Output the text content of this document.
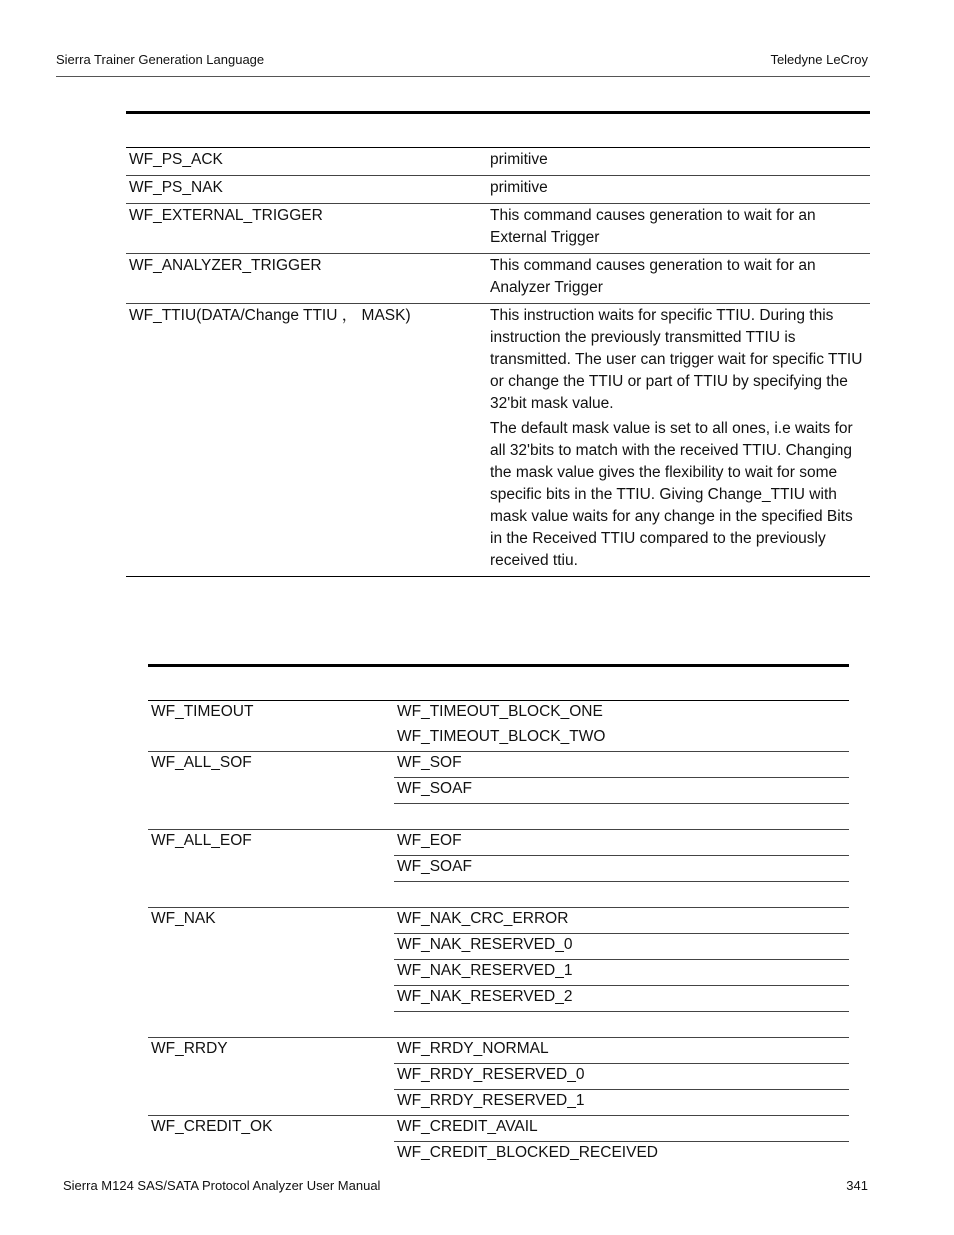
Sierra Trainer Generation Language	Teledyne LeCroy

WF_PS_ACK	primitive

WF_PS_NAK	primitive

WF_EXTERNAL_TRIGGER	This command causes generation to wait for an External Trigger

WF_ANALYZER_TRIGGER	This command causes generation to wait for an Analyzer Trigger

WF_TTIU(DATA/Change TTIU ， MASK)	This instruction waits for specific TTIU. During this instruction the previously transmitted TTIU is transmitted. The user can trigger wait for specific TTIU or change the TTIU or part of TTIU by specifying the 32'bit mask value.

The default mask value is set to all ones, i.e waits for all 32'bits to match with the received TTIU. Changing the mask value gives the flexibility to wait for some specific bits in the TTIU. Giving Change_TTIU with mask value waits for any change in the specified Bits in the Received TTIU compared to the previously received ttiu.

WF_TIMEOUT	WF_TIMEOUT_BLOCK_ONE
	WF_TIMEOUT_BLOCK_TWO
WF_ALL_SOF	WF_SOF
	WF_SOAF

WF_ALL_EOF	WF_EOF
	WF_SOAF

WF_NAK	WF_NAK_CRC_ERROR
	WF_NAK_RESERVED_0
	WF_NAK_RESERVED_1
	WF_NAK_RESERVED_2

WF_RRDY	WF_RRDY_NORMAL
	WF_RRDY_RESERVED_0
	WF_RRDY_RESERVED_1
WF_CREDIT_OK	WF_CREDIT_AVAIL
	WF_CREDIT_BLOCKED_RECEIVED
Sierra M124 SAS/SATA Protocol Analyzer User Manual	341
